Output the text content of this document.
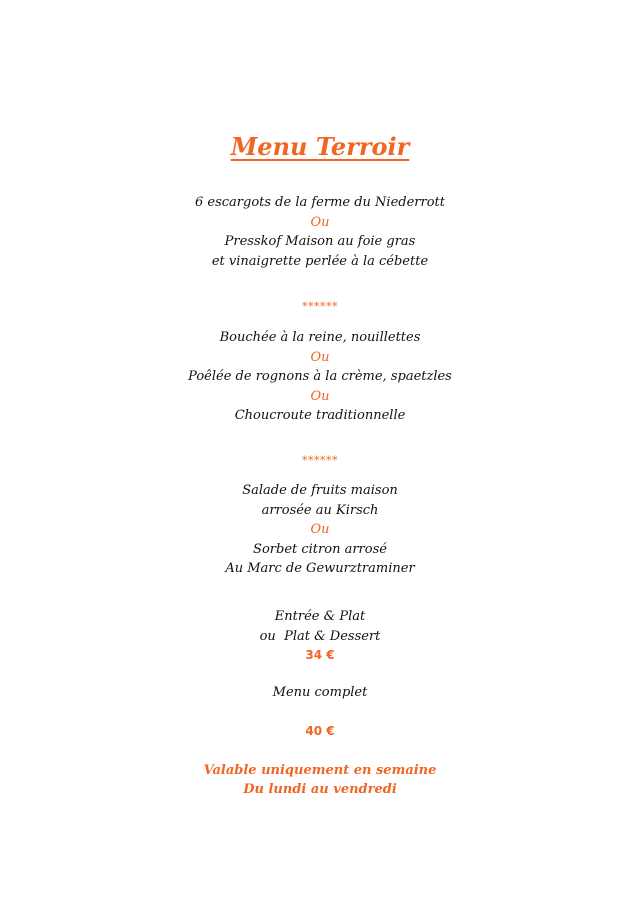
Menu Terroir
6 escargots de la ferme du Niederrott
Ou
Presskof Maison au foie gras
et vinaigrette perlée à la cébette
******
Bouchée à la reine, nouillettes
Ou
Poêlée de rognons à la crème, spaetzles
Ou
Choucroute traditionnelle
******
Salade de fruits maison
arrosée au Kirsch
Ou
Sorbet citron arrosé
Au Marc de Gewurztraminer
Entrée & Plat
ou  Plat & Dessert
34 €
Menu complet
40 €
Valable uniquement en semaine
Du lundi au vendredi
